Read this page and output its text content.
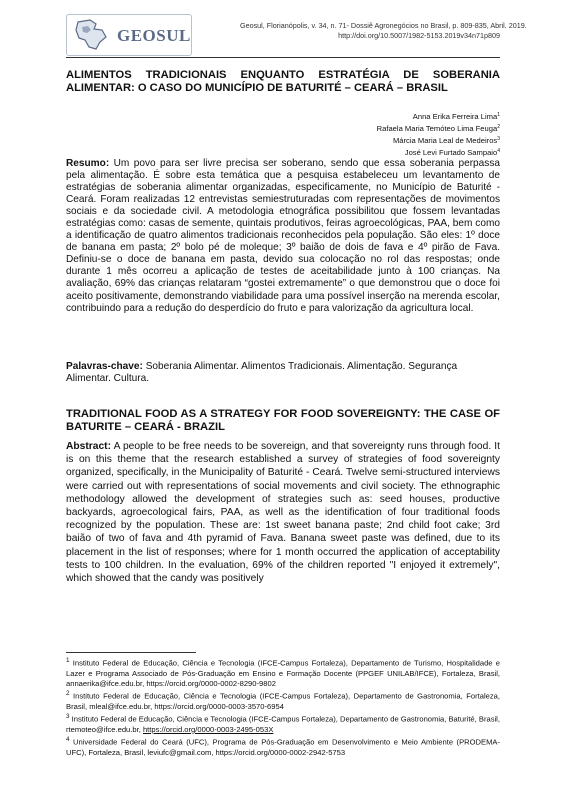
GEOSUL
Geosul, Florianópolis, v. 34, n. 71- Dossiê Agronegócios no Brasil, p. 809-835, Abril. 2019.
http://doi.org/10.5007/1982-5153.2019v34n71p809
ALIMENTOS TRADICIONAIS ENQUANTO ESTRATÉGIA DE SOBERANIA ALIMENTAR: O CASO DO MUNICÍPIO DE BATURITÉ – CEARÁ – BRASIL
Anna Erika Ferreira Lima$^1$
Rafaela Maria Temóteo Lima Feuga$^2$
Márcia Maria Leal de Medeiros$^3$
José Levi Furtado Sampaio$^4$
Resumo: Um povo para ser livre precisa ser soberano, sendo que essa soberania perpassa pela alimentação. É sobre esta temática que a pesquisa estabeleceu um levantamento de estratégias de soberania alimentar organizadas, especificamente, no Município de Baturité - Ceará. Foram realizadas 12 entrevistas semiestruturadas com representações de movimentos sociais e da sociedade civil. A metodologia etnográfica possibilitou que fossem levantadas estratégias como: casas de semente, quintais produtivos, feiras agroecológicas, PAA, bem como a identificação de quatro alimentos tradicionais reconhecidos pela população. São eles: 1º doce de banana em pasta; 2º bolo pé de moleque; 3º baião de dois de fava e 4º pirão de Fava. Definiu-se o doce de banana em pasta, devido sua colocação no rol das respostas; onde durante 1 mês ocorreu a aplicação de testes de aceitabilidade junto à 100 crianças. Na avaliação, 69% das crianças relataram “gostei extremamente” o que demonstrou que o doce foi aceito positivamente, demonstrando viabilidade para uma possível inserção na merenda escolar, contribuindo para a redução do desperdício do fruto e para valorização da agricultura local.
Palavras-chave: Soberania Alimentar. Alimentos Tradicionais. Alimentação. Segurança Alimentar. Cultura.
TRADITIONAL FOOD AS A STRATEGY FOR FOOD SOVEREIGNTY: THE CASE OF BATURITE – CEARÁ - BRAZIL
Abstract: A people to be free needs to be sovereign, and that sovereignty runs through food. It is on this theme that the research established a survey of strategies of food sovereignty organized, specifically, in the Municipality of Baturité - Ceará. Twelve semi-structured interviews were carried out with representations of social movements and civil society. The ethnographic methodology allowed the development of strategies such as: seed houses, productive backyards, agroecological fairs, PAA, as well as the identification of four traditional foods recognized by the population. These are: 1st sweet banana paste; 2nd child foot cake; 3rd baião of two of fava and 4th pyramid of Fava. Banana sweet paste was defined, due to its placement in the list of responses; where for 1 month occurred the application of acceptability tests to 100 children. In the evaluation, 69% of the children reported "I enjoyed it extremely", which showed that the candy was positively

$^1$ Instituto Federal de Educação, Ciência e Tecnologia (IFCE-Campus Fortaleza), Departamento de Turismo, Hospitalidade e Lazer e Programa Associado de Pós-Graduação em Ensino e Formação Docente (PPGEF UNILAB/IFCE), Fortaleza, Brasil, annaerika@ifce.edu.br, https://orcid.org/0000-0002-8290-9802

$^2$ Instituto Federal de Educação, Ciência e Tecnologia (IFCE-Campus Fortaleza), Departamento de Gastronomia, Fortaleza, Brasil, mleal@ifce.edu.br, https://orcid.org/0000-0003-3570-6954

$^3$ Instituto Federal de Educação, Ciência e Tecnologia (IFCE-Campus Fortaleza), Departamento de Gastronomia, Baturité, Brasil, rtemoteo@ifce.edu.br, https://orcid.org/0000-0003-2495-053X

$^4$ Universidade Federal do Ceará (UFC), Programa de Pós-Graduação em Desenvolvimento e Meio Ambiente (PRODEMA-UFC), Fortaleza, Brasil, leviufc@gmail.com, https://orcid.org/0000-0002-2942-5753
